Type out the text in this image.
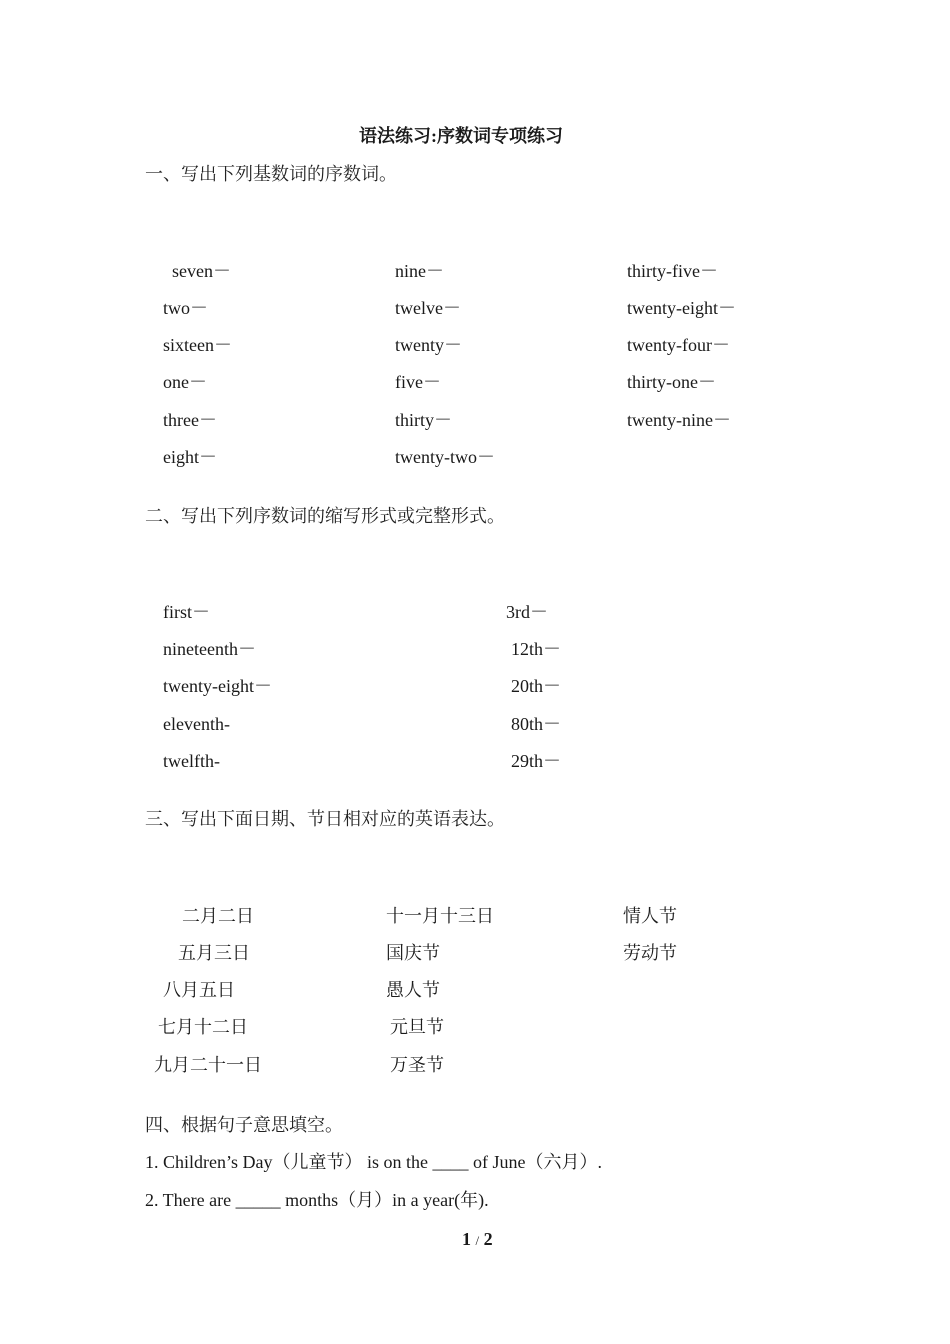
语法练习:序数词专项练习
一、写出下列基数词的序数词。
seven－
two－
sixteen－
one－
three－
eight－
nine－
twelve－
twenty－
five－
thirty－
twenty-two－
thirty-five－
twenty-eight－
twenty-four－
thirty-one－
twenty-nine－
二、写出下列序数词的缩写形式或完整形式。
first－
nineteenth－
twenty-eight－
eleventh-
twelfth-
3rd－
12th－
20th－
80th－
29th－
三、写出下面日期、节日相对应的英语表达。
二月二日
五月三日
八月五日
七月十二日
九月二十一日
十一月十三日
国庆节
愚人节
元旦节
万圣节
情人节
劳动节
四、根据句子意思填空。
1. Children’s Day（儿童节） is on the ____ of June（六月）.
2. There are _____ months（月）in a year(年).
1 / 2
